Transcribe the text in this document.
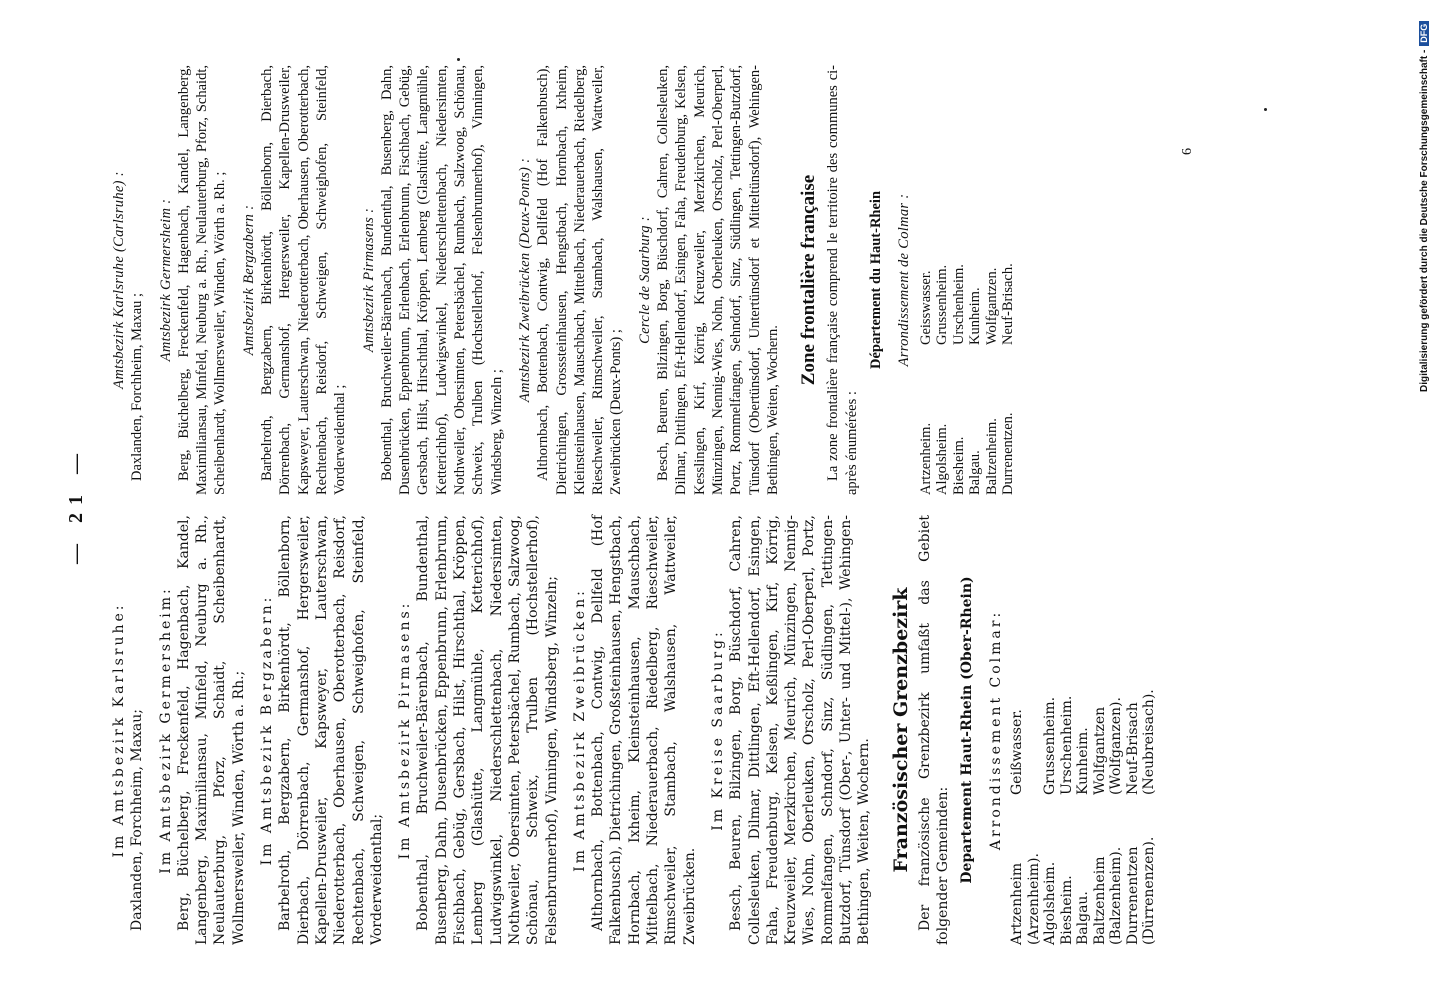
— 21 —

Im Amtsbezirk Karlsruhe: Daxlanden, Forchheim, Maxau; Im Amtsbezirk Germersheim: Berg, Büchelberg, Freckenfeld, Hagenbach, Kandel, Langenberg, Maximiliansau, Minfeld, Neuburg a. Rh., Neulauterburg, Pforz, Schaidt, Scheibenhardt, Wollmersweiler, Winden, Wörth a. Rh.; Im Amtsbezirk Bergzabern: Barbelroth, Bergzabern, Birkenhördt, Böllenborn, Dierbach, Dörrenbach, Germanshof, Hergersweiler, Kapellen-Drusweiler, Kapsweyer, Lauterschwan, Niederotterbach, Oberhausen, Oberotterbach, Reisdorf, Rechtenbach, Schweigen, Schweighofen, Steinfeld, Vorderweidenthal;

Im Amtsbezirk Pirmasens: Bobenthal, Bruchweiler-Bärenbach, Bundenthal, Busenberg, Dahn, Dusenbrücken, Eppenbrunn, Erlenbrunn, Fischbach, Gebüg, Gersbach, Hilst, Hirschthal, Kröppen, Lemberg (Glashütte, Langmühle, Ketterichhof), Ludwigswinkel, Niederschlettenbach, Niedersimten, Nothweiler, Obersimten, Petersbächel, Rumbach, Salzwoog, Schönau, Schweix, Trulben (Hochstellerhof), Felsenbrunnerhof), Vinningen, Windsberg, Winzeln; Im Amtsbezirk Zweibrücken: Althornbach, Bottenbach, Contwig, Dellfeld (Hof Falkenbusch), Dietrichingen, Großsteinhausen, Hengstbach, Hornbach, Ixheim, Kleinsteinhausen, Mauschbach, Mittelbach, Niederauerbach, Riedelberg, Rieschweiler, Rimschweiler, Stambach, Walshausen, Wattweiler, Zweibrücken.

Im Kreise Saarburg: Besch, Beuren, Bilzingen, Borg, Büschdorf, Cahren, Collesleuken, Dilmar, Dittlingen, Eft-Hellendorf, Esingen, Faha, Freudenburg, Kelsen, Keßlingen, Kirf, Körrig, Kreuzweiler, Merzkirchen, Meurich, Münzingen, Nennig-Wies, Nohn, Oberleuken, Orscholz, Perl-Oberperl, Portz, Rommelfangen, Schndorf, Sinz, Südlingen, Tettingen-Butzdorf, Tünsdorf (Ober-, Unter- und Mittel-), Wehingen-Bethingen, Weiten, Wochern. Französischer Grenzbezirk Der französische Grenzbezirk umfaßt das Gebiet folgender Gemeinden: Departement Haut-Rhein (Ober-Rhein) Arrondissement Colmar:

Artzenheim (Arzenheim).
Geißwasser.
Algolsheim.
Grussenheim.
Biesheim.
Urschenheim.
Balgau.
Kunheim.
Baltzenheim (Balzenheim).
Wolfgantzen (Wolfganzen).
Durrenentzen (Dürrenenzen).
Neuf-Brisach (Neubreisach).

Amtsbezirk Karlsruhe (Carlsruhe) : Daxlanden, Forchheim, Maxau ;

Amtsbezirk Germersheim : Berg, Büchelberg, Freckenfeld, Hagenbach, Kandel, Langenberg, Maximiliansau, Minfeld, Neuburg a. Rh., Neulauterburg, Pforz, Schaidt, Scheibenhardt, Wollmersweiler, Winden, Wörth a. Rh. ; Amtsbezirk Bergzabern : Barbelroth, Bergzabern, Birkenhördt, Böllenborn, Dierbach, Dörrenbach, Germanshof, Hergersweiler, Kapellen-Drusweiler, Kapsweyer, Lauterschwan, Niederotterbach, Oberhausen, Oberotterbach, Rechtenbach, Reisdorf, Schweigen, Schweighofen, Steinfeld, Vorderweidenthal ;

Amtsbezirk Pirmasens : Bobenthal, Bruchweiler-Bärenbach, Bundenthal, Busenberg, Dahn, Dusenbrücken, Eppenbrunn, Erlenbach, Erlenbrunn, Fischbach, Gebüg, Gersbach, Hilst, Hirschthal, Kröppen, Lemberg (Glashütte, Langmühle, Ketterichhof), Ludwigswinkel, Niederschlettenbach, Niedersimten, Nothweiler, Obersimten, Petersbächel, Rumbach, Salzwoog, Schönau, Schweix, Trulben (Hochstellerhof, Felsenbrunnerhof), Vinningen, Windsberg, Winzeln ;

Amtsbezirk Zweibrücken (Deux-Ponts) : Althornbach, Bottenbach, Contwig, Dellfeld (Hof Falkenbusch), Dietrichingen, Grosssteinhausen, Hengstbach, Hornbach, Ixheim, Kleinsteinhausen, Mauschbach, Mittelbach, Niederauerbach, Riedelberg, Rieschweiler, Rimschweiler, Stambach, Walshausen, Wattweiler, Zweibrücken (Deux-Ponts) ;

Cercle de Saarburg : Besch, Beuren, Bilzingen, Borg, Büschdorf, Cahren, Collesleuken, Dilmar, Dittlingen, Eft-Hellendorf, Esingen, Faha, Freudenburg, Kelsen, Kesslingen, Kirf, Körrig, Kreuzweiler, Merzkirchen, Meurich, Münzingen, Nennig-Wies, Nohn, Oberleuken, Orscholz, Perl-Oberperl, Portz, Rommelfangen, Sehndorf, Sinz, Südlingen, Tettingen-Butzdorf, Tünsdorf (Obertünsdorf, Untertünsdorf et Mitteltünsdorf), Wehingen-Bethingen, Weiten, Wochern.

Zone frontalière française La zone frontalière française comprend le territoire des communes ci-après énumérées :

Département du Haut-Rhein Arrondissement de Colmar :

Artzenheim.
Geisswasser.
Algolsheim.
Grussenheim.
Biesheim.
Urschenheim.
Balgau.
Kunheim.
Baltzenheim.
Wolfgantzen.
Durrenentzen.
Neuf-Brisach.
6	Digitalisierung gefördert durch die Deutsche Forschungsgemeinschaft -DFG
